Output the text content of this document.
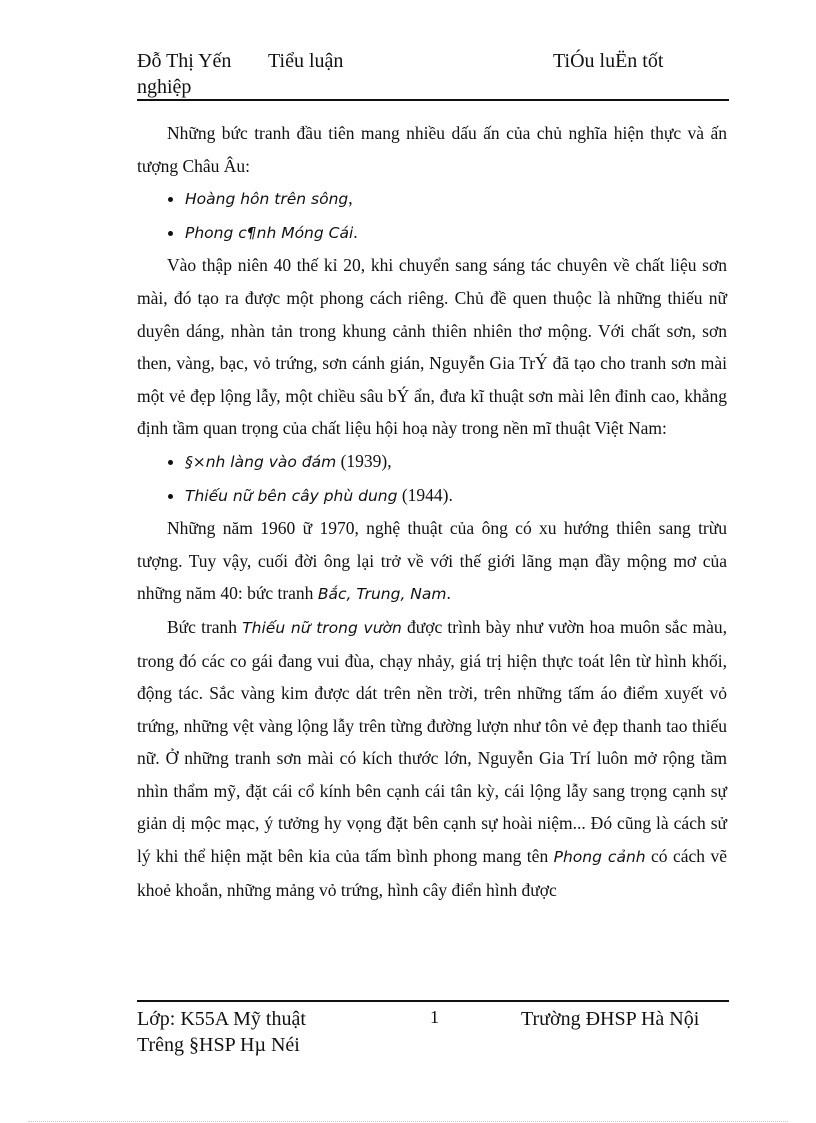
Đỗ Thị Yến Tiểu luận	TiÓu luËn tốt
nghiệp

Những bức tranh đầu tiên mang nhiều dấu ấn của chủ nghĩa hiện thực và ấn tượng Châu Âu:

• Hoàng hôn trên sông,
• Phong c¶nh Móng Cái.

Vào thập niên 40 thế kỉ 20, khi chuyển sang sáng tác chuyên về chất liệu sơn mài, đó tạo ra được một phong cách riêng. Chủ đề quen thuộc là những thiếu nữ duyên dáng, nhàn tản trong khung cảnh thiên nhiên thơ mộng. Với chất sơn, sơn then, vàng, bạc, vỏ trứng, sơn cánh gián, Nguyễn Gia TrÝ đã tạo cho tranh sơn mài một vẻ đẹp lộng lẫy, một chiều sâu bÝ ẩn, đưa kĩ thuật sơn mài lên đỉnh cao, khẳng định tầm quan trọng của chất liệu hội hoạ này trong nền mĩ thuật Việt Nam:

• §×nh làng vào đám (1939),
• Thiếu nữ bên cây phù dung (1944).

Những năm 1960 ữ 1970, nghệ thuật của ông có xu hướng thiên sang trừu tượng. Tuy vậy, cuối đời ông lại trở về với thế giới lãng mạn đầy mộng mơ của những năm 40: bức tranh Bắc, Trung, Nam.

Bức tranh Thiếu nữ trong vườn được trình bày như vườn hoa muôn sắc màu, trong đó các co gái đang vui đùa, chạy nhảy, giá trị hiện thực toát lên từ hình khối, động tác. Sắc vàng kim được dát trên nền trời, trên những tấm áo điểm xuyết vỏ trứng, những vệt vàng lộng lẫy trên từng đường lượn như tôn vẻ đẹp thanh tao thiếu nữ. Ở những tranh sơn mài có kích thước lớn, Nguyễn Gia Trí luôn mở rộng tầm nhìn thẩm mỹ, đặt cái cổ kính bên cạnh cái tân kỳ, cái lộng lẫy sang trọng cạnh sự giản dị mộc mạc, ý tưởng hy vọng đặt bên cạnh sự hoài niệm... Đó cũng là cách sử lý khi thể hiện mặt bên kia của tấm bình phong mang tên Phong cảnh có cách vẽ khoẻ khoắn, những mảng vỏ trứng, hình cây điển hình được

Lớp: K55A Mỹ thuật	1	Trường ĐHSP Hà Nội
Trêng §HSP Hµ Néi
